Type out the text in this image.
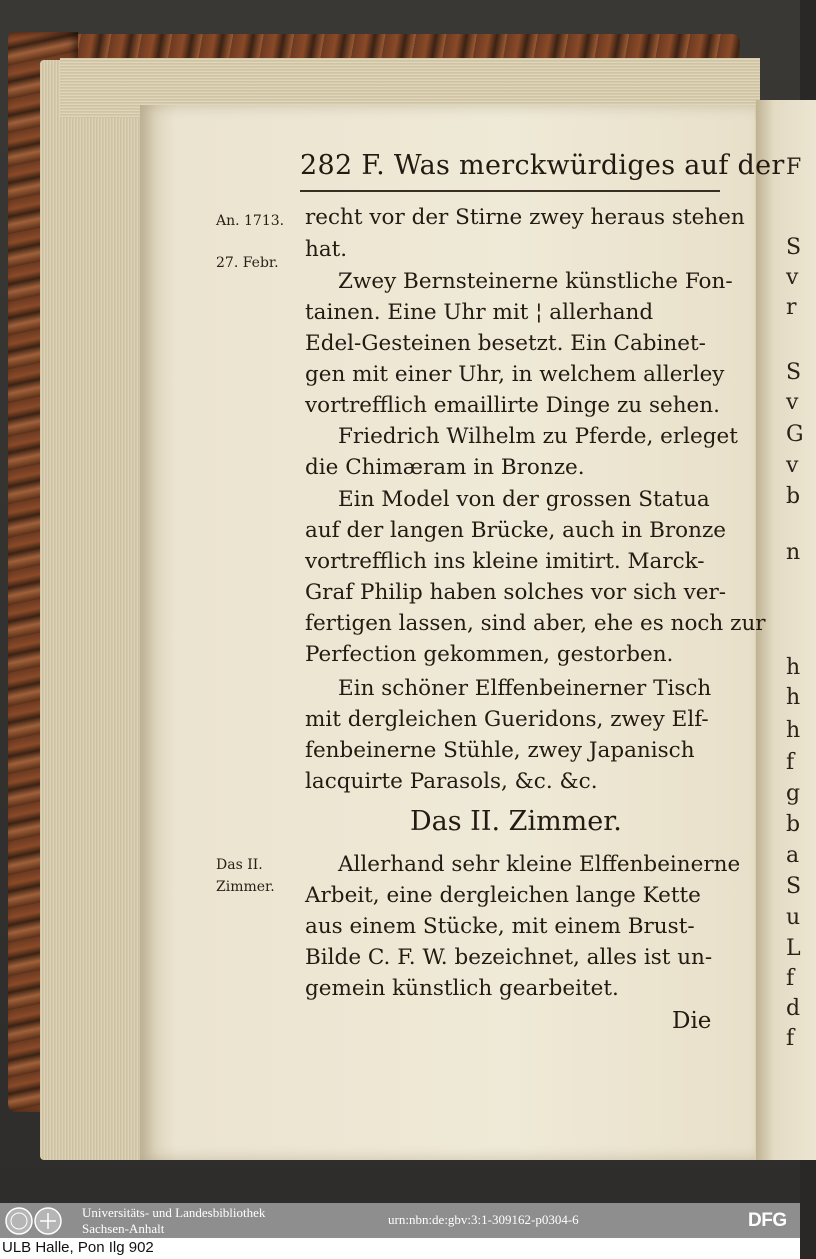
F
S
v
r
S
v
G
v
b
n
h
h
h
f
g
b
a
S
u
L
f
d
f
282 F. Was merckwürdiges auf der
An. 1713.
27. Febr.
Das II.
Zimmer.
recht vor der Stirne zwey heraus stehen
hat.
Zwey Bernsteinerne künstliche Fon-
tainen. Eine Uhr mit ¦ allerhand
Edel-Gesteinen besetzt. Ein Cabinet-
gen mit einer Uhr, in welchem allerley
vortrefflich emaillirte Dinge zu sehen.
Friedrich Wilhelm zu Pferde, erleget
die Chimæram in Bronze.
Ein Model von der grossen Statua
auf der langen Brücke, auch in Bronze
vortrefflich ins kleine imitirt. Marck-
Graf Philip haben solches vor sich ver-
fertigen lassen, sind aber, ehe es noch zur
Perfection gekommen, gestorben.
Ein schöner Elffenbeinerner Tisch
mit dergleichen Gueridons, zwey Elf-
fenbeinerne Stühle, zwey Japanisch
lacquirte Parasols, &c. &c.
Das II. Zimmer.
Allerhand sehr kleine Elffenbeinerne
Arbeit, eine dergleichen lange Kette
aus einem Stücke, mit einem Brust-
Bilde C. F. W. bezeichnet, alles ist un-
gemein künstlich gearbeitet.
Die
Universitäts- und Landesbibliothek
Sachsen-Anhalt
urn:nbn:de:gbv:3:1-309162-p0304-6	DFG
ULB Halle, Pon Ilg 902
